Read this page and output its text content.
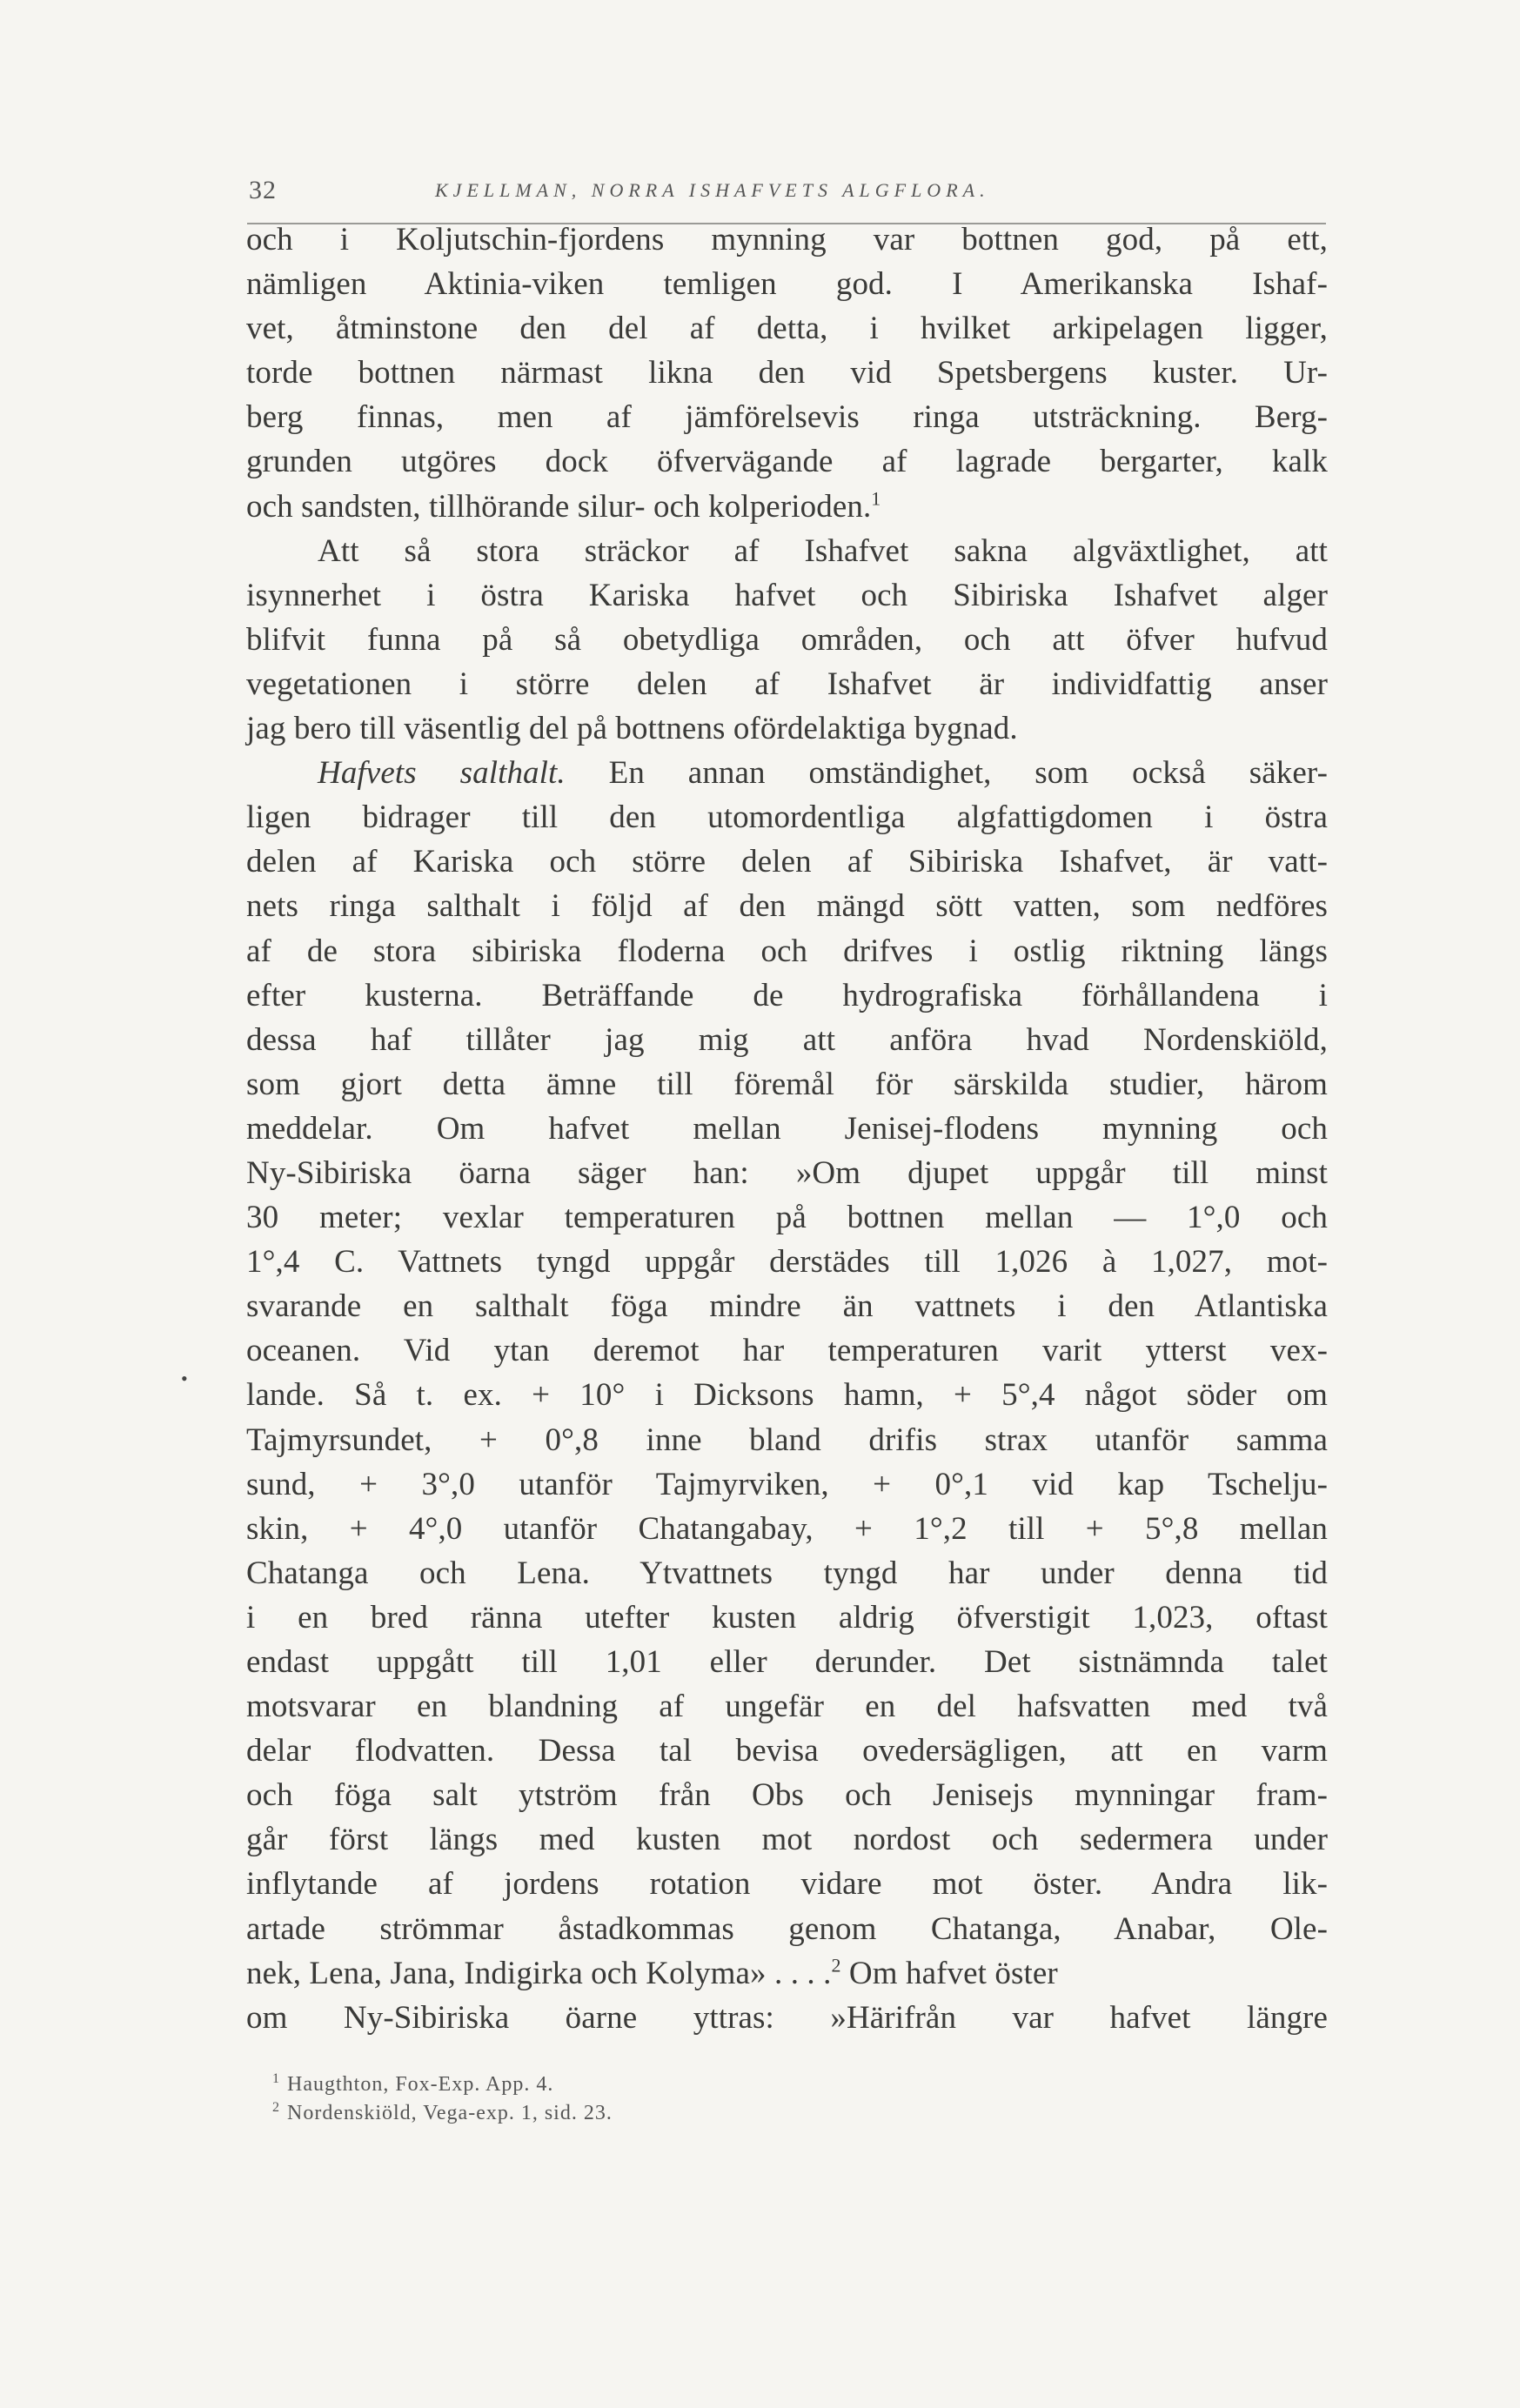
32	KJELLMAN, NORRA ISHAFVETS ALGFLORA.
•
och i Koljutschin-fjordens mynning var bottnen god, på ett,
nämligen Aktinia-viken temligen god. I Amerikanska Ishaf-
vet, åtminstone den del af detta, i hvilket arkipelagen ligger,
torde bottnen närmast likna den vid Spetsbergens kuster. Ur-
berg finnas, men af jämförelsevis ringa utsträckning. Berg-
grunden utgöres dock öfvervägande af lagrade bergarter, kalk
och sandsten, tillhörande silur- och kolperioden.$^1$
Att så stora sträckor af Ishafvet sakna algväxtlighet, att
isynnerhet i östra Kariska hafvet och Sibiriska Ishafvet alger
blifvit funna på så obetydliga områden, och att öfver hufvud
vegetationen i större delen af Ishafvet är individfattig anser
jag bero till väsentlig del på bottnens ofördelaktiga bygnad.
Hafvets salthalt. En annan omständighet, som också säker-
ligen bidrager till den utomordentliga algfattigdomen i östra
delen af Kariska och större delen af Sibiriska Ishafvet, är vatt-
nets ringa salthalt i följd af den mängd sött vatten, som nedföres
af de stora sibiriska floderna och drifves i ostlig riktning längs
efter kusterna. Beträffande de hydrografiska förhållandena i
dessa haf tillåter jag mig att anföra hvad Nordenskiöld,
som gjort detta ämne till föremål för särskilda studier, härom
meddelar. Om hafvet mellan Jenisej-flodens mynning och
Ny-Sibiriska öarna säger han: »Om djupet uppgår till minst
30 meter; vexlar temperaturen på bottnen mellan — 1°,0 och
1°,4 C. Vattnets tyngd uppgår derstädes till 1,026 à 1,027, mot-
svarande en salthalt föga mindre än vattnets i den Atlantiska
oceanen. Vid ytan deremot har temperaturen varit ytterst vex-
lande. Så t. ex. + 10° i Dicksons hamn, + 5°,4 något söder om
Tajmyrsundet, + 0°,8 inne bland drifis strax utanför samma
sund, + 3°,0 utanför Tajmyrviken, + 0°,1 vid kap Tschelju-
skin, + 4°,0 utanför Chatangabay, + 1°,2 till + 5°,8 mellan
Chatanga och Lena. Ytvattnets tyngd har under denna tid
i en bred ränna utefter kusten aldrig öfverstigit 1,023, oftast
endast uppgått till 1,01 eller derunder. Det sistnämnda talet
motsvarar en blandning af ungefär en del hafsvatten med två
delar flodvatten. Dessa tal bevisa ovedersägligen, att en varm
och föga salt ytström från Obs och Jenisejs mynningar fram-
går först längs med kusten mot nordost och sedermera under
inflytande af jordens rotation vidare mot öster. Andra lik-
artade strömmar åstadkommas genom Chatanga, Anabar, Ole-
nek, Lena, Jana, Indigirka och Kolyma» . . . .$^2$ Om hafvet öster
om Ny-Sibiriska öarne yttras: »Härifrån var hafvet längre
$^1$ Haugthton, Fox-Exp. App. 4.
$^2$ Nordenskiöld, Vega-exp. 1, sid. 23.
